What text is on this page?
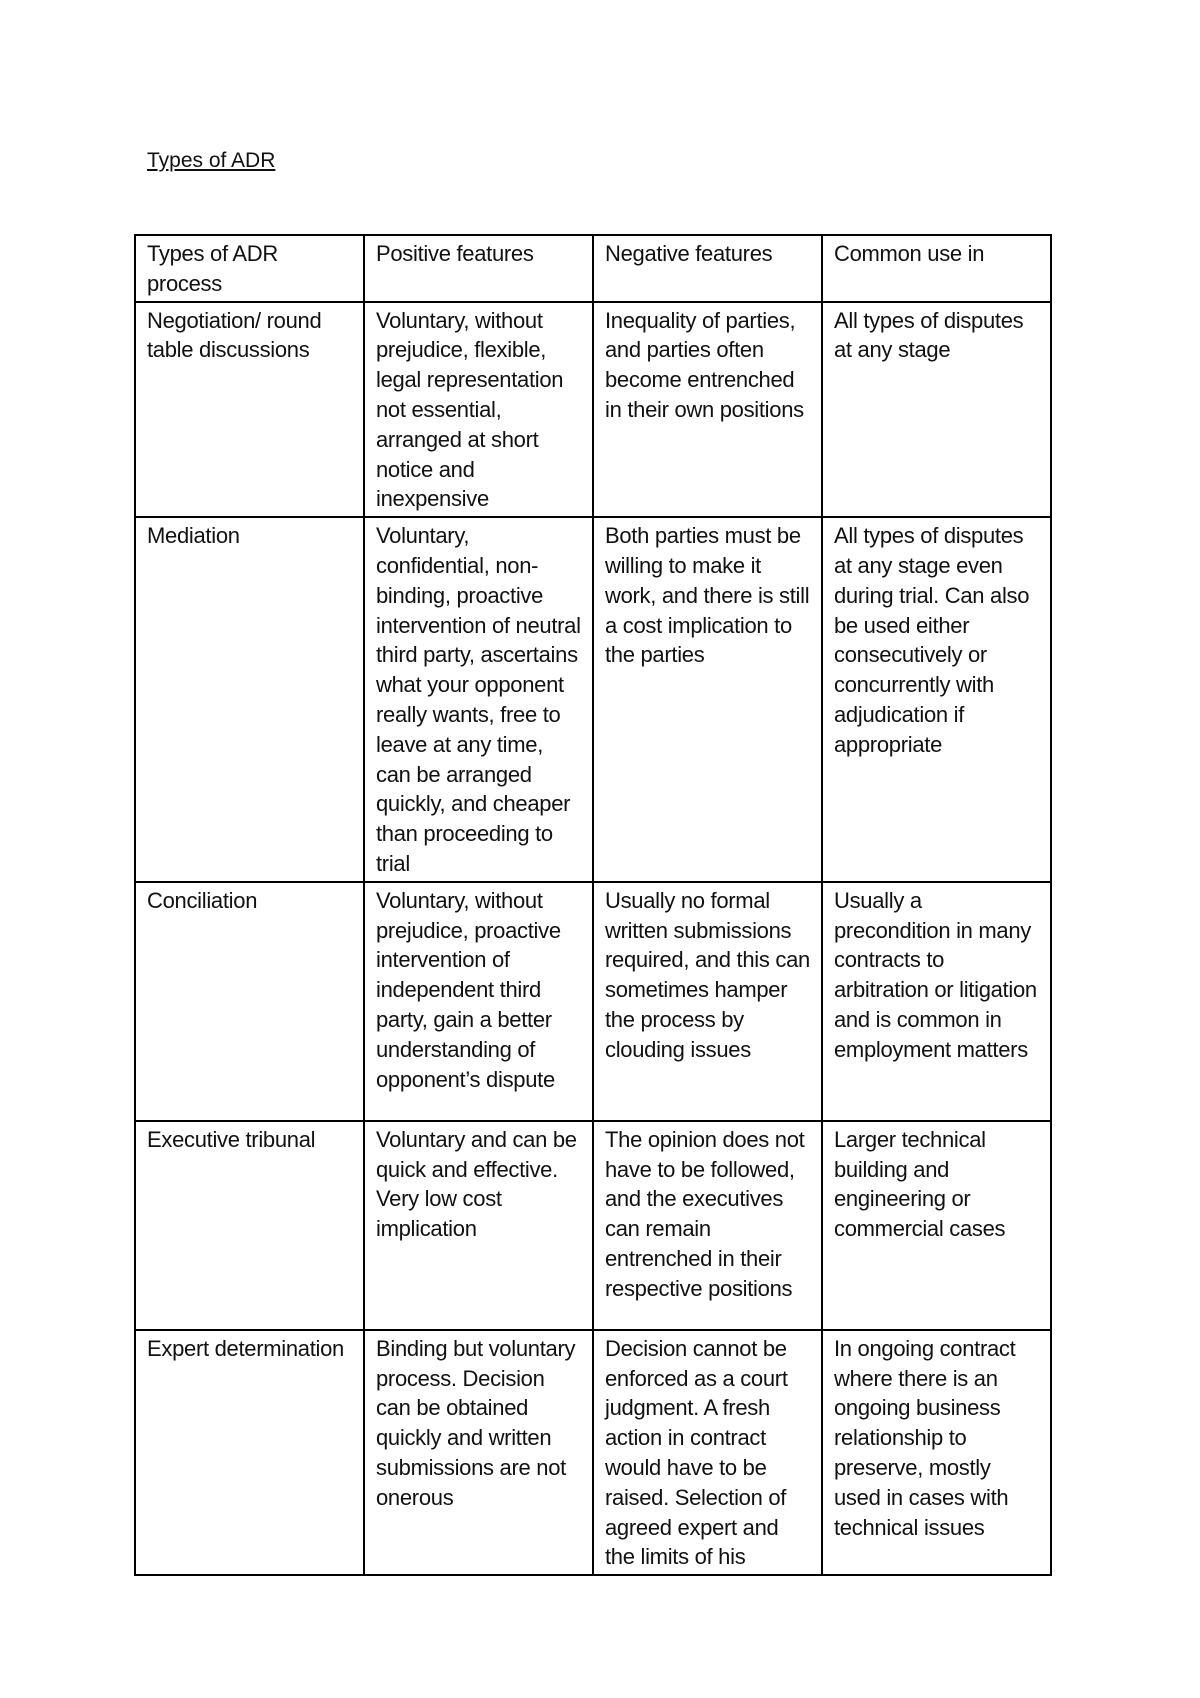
Types of ADR
Types of ADR process	Positive features	Negative features	Common use in
Negotiation/ round table discussions	Voluntary, without prejudice, flexible, legal representation not essential, arranged at short notice and inexpensive	Inequality of parties, and parties often become entrenched in their own positions	All types of disputes at any stage
Mediation	Voluntary, confidential, non-binding, proactive intervention of neutral third party, ascertains what your opponent really wants, free to leave at any time, can be arranged quickly, and cheaper than proceeding to trial	Both parties must be willing to make it work, and there is still a cost implication to the parties	All types of disputes at any stage even during trial. Can also be used either consecutively or concurrently with adjudication if appropriate
Conciliation	Voluntary, without prejudice, proactive intervention of independent third party, gain a better understanding of opponent’s dispute	Usually no formal written submissions required, and this can sometimes hamper the process by clouding issues	Usually a precondition in many contracts to arbitration or litigation and is common in employment matters
Executive tribunal	Voluntary and can be quick and effective. Very low cost implication	The opinion does not have to be followed, and the executives can remain entrenched in their respective positions	Larger technical building and engineering or commercial cases
Expert determination	Binding but voluntary process. Decision can be obtained quickly and written submissions are not onerous	Decision cannot be enforced as a court judgment. A fresh action in contract would have to be raised. Selection of agreed expert and the limits of his	In ongoing contract where there is an ongoing business relationship to preserve, mostly used in cases with technical issues
